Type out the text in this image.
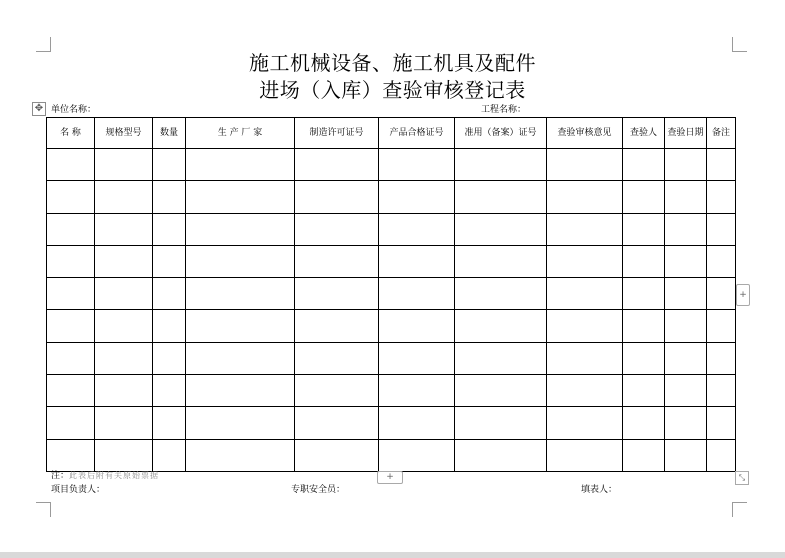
施工机械设备、施工机具及配件
进场（入库）查验审核登记表
✥ 单位名称：	工程名称：
名 称	规格型号	数量	生 产 厂 家	制造许可证号	产品合格证号	准用（备案）证号	查验审核意见	查验人	查验日期	备注

注：此表后附有关原始票据	+
项目负责人：	专职安全员：	填表人：
+
⤡
